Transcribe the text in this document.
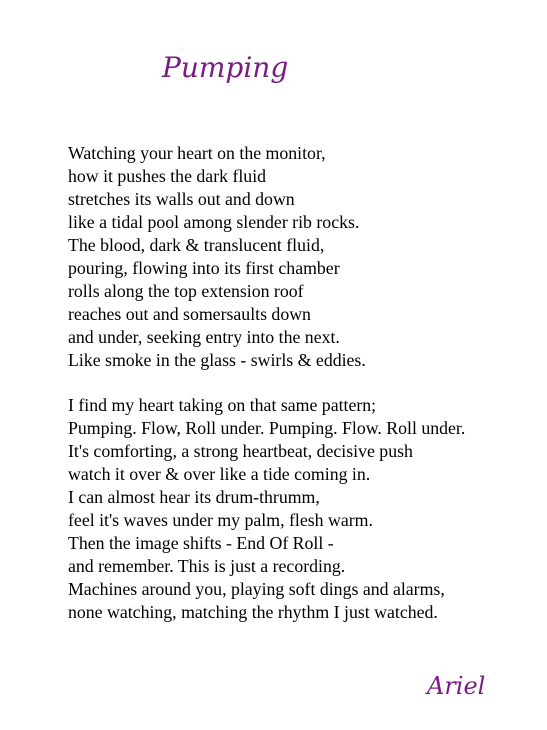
Pumping
Watching your heart on the monitor,
how it pushes the dark fluid
stretches its walls out and down
like a tidal pool among slender rib rocks.
The blood, dark & translucent fluid,
pouring, flowing into its first chamber
rolls along the top extension roof
reaches out and somersaults down
and under, seeking entry into the next.
Like smoke in the glass - swirls & eddies.
I find my heart taking on that same pattern;
Pumping. Flow, Roll under. Pumping. Flow. Roll under.
It's comforting, a strong heartbeat, decisive push
watch it over & over like a tide coming in.
I can almost hear its drum-thrumm,
feel it's waves under my palm, flesh warm.
Then the image shifts - End Of Roll -
and remember. This is just a recording.
Machines around you, playing soft dings and alarms,
none watching, matching the rhythm I just watched.
Ariel
